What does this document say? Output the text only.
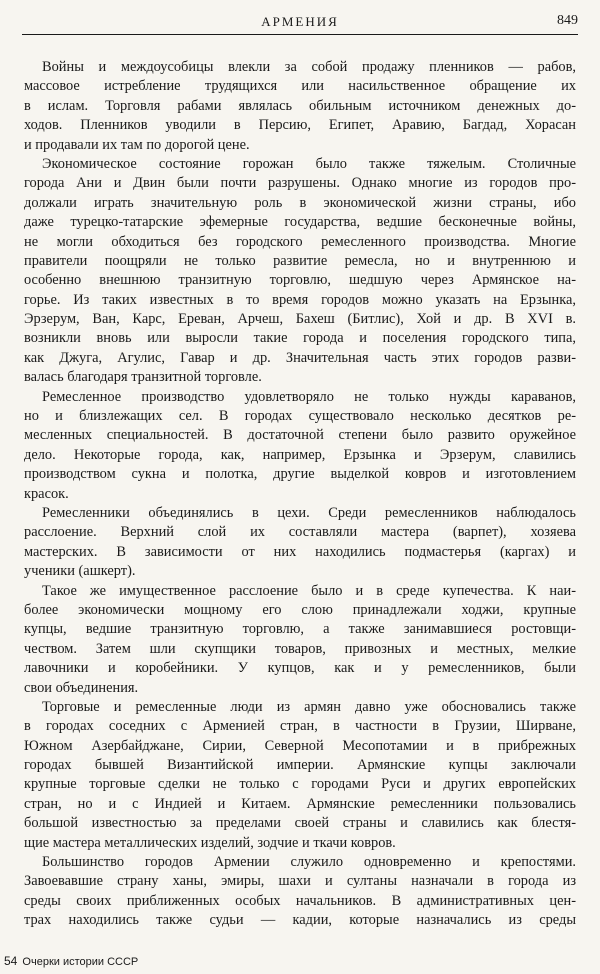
АРМЕНИЯ	849
Войны и междоусобицы влекли за собой продажу пленников — рабов,
массовое истребление трудящихся или насильственное обращение их
в ислам. Торговля рабами являлась обильным источником денежных до-
ходов. Пленников уводили в Персию, Египет, Аравию, Багдад, Хорасан
и продавали их там по дорогой цене.
Экономическое состояние горожан было также тяжелым. Столичные
города Ани и Двин были почти разрушены. Однако многие из городов про-
должали играть значительную роль в экономической жизни страны, ибо
даже турецко-татарские эфемерные государства, ведшие бесконечные войны,
не могли обходиться без городского ремесленного производства. Многие
правители поощряли не только развитие ремесла, но и внутреннюю и
особенно внешнюю транзитную торговлю, шедшую через Армянское на-
горье. Из таких известных в то время городов можно указать на Ерзынка,
Эрзерум, Ван, Карс, Ереван, Арчеш, Бахеш (Битлис), Хой и др. В XVI в.
возникли вновь или выросли такие города и поселения городского типа,
как Джуга, Агулис, Гавар и др. Значительная часть этих городов разви-
валась благодаря транзитной торговле.
Ремесленное производство удовлетворяло не только нужды караванов,
но и близлежащих сел. В городах существовало несколько десятков ре-
месленных специальностей. В достаточной степени было развито оружейное
дело. Некоторые города, как, например, Ерзынка и Эрзерум, славились
производством сукна и полотка, другие выделкой ковров и изготовлением
красок.
Ремесленники объединялись в цехи. Среди ремесленников наблюдалось
расслоение. Верхний слой их составляли мастера (варпет), хозяева
мастерских. В зависимости от них находились подмастерья (каргах) и
ученики (ашкерт).
Такое же имущественное расслоение было и в среде купечества. К наи-
более экономически мощному его слою принадлежали ходжи, крупные
купцы, ведшие транзитную торговлю, а также занимавшиеся ростовщи-
чеством. Затем шли скупщики товаров, привозных и местных, мелкие
лавочники и коробейники. У купцов, как и у ремесленников, были
свои объединения.
Торговые и ремесленные люди из армян давно уже обосновались также
в городах соседних с Арменией стран, в частности в Грузии, Ширване,
Южном Азербайджане, Сирии, Северной Месопотамии и в прибрежных
городах бывшей Византийской империи. Армянские купцы заключали
крупные торговые сделки не только с городами Руси и других европейских
стран, но и с Индией и Китаем. Армянские ремесленники пользовались
большой известностью за пределами своей страны и славились как блестя-
щие мастера металлических изделий, зодчие и ткачи ковров.
Большинство городов Армении служило одновременно и крепостями.
Завоевавшие страну ханы, эмиры, шахи и султаны назначали в города из
среды своих приближенных особых начальников. В административных цен-
трах находились также судьи — кадии, которые назначались из среды
54 Очерки истории СССР
